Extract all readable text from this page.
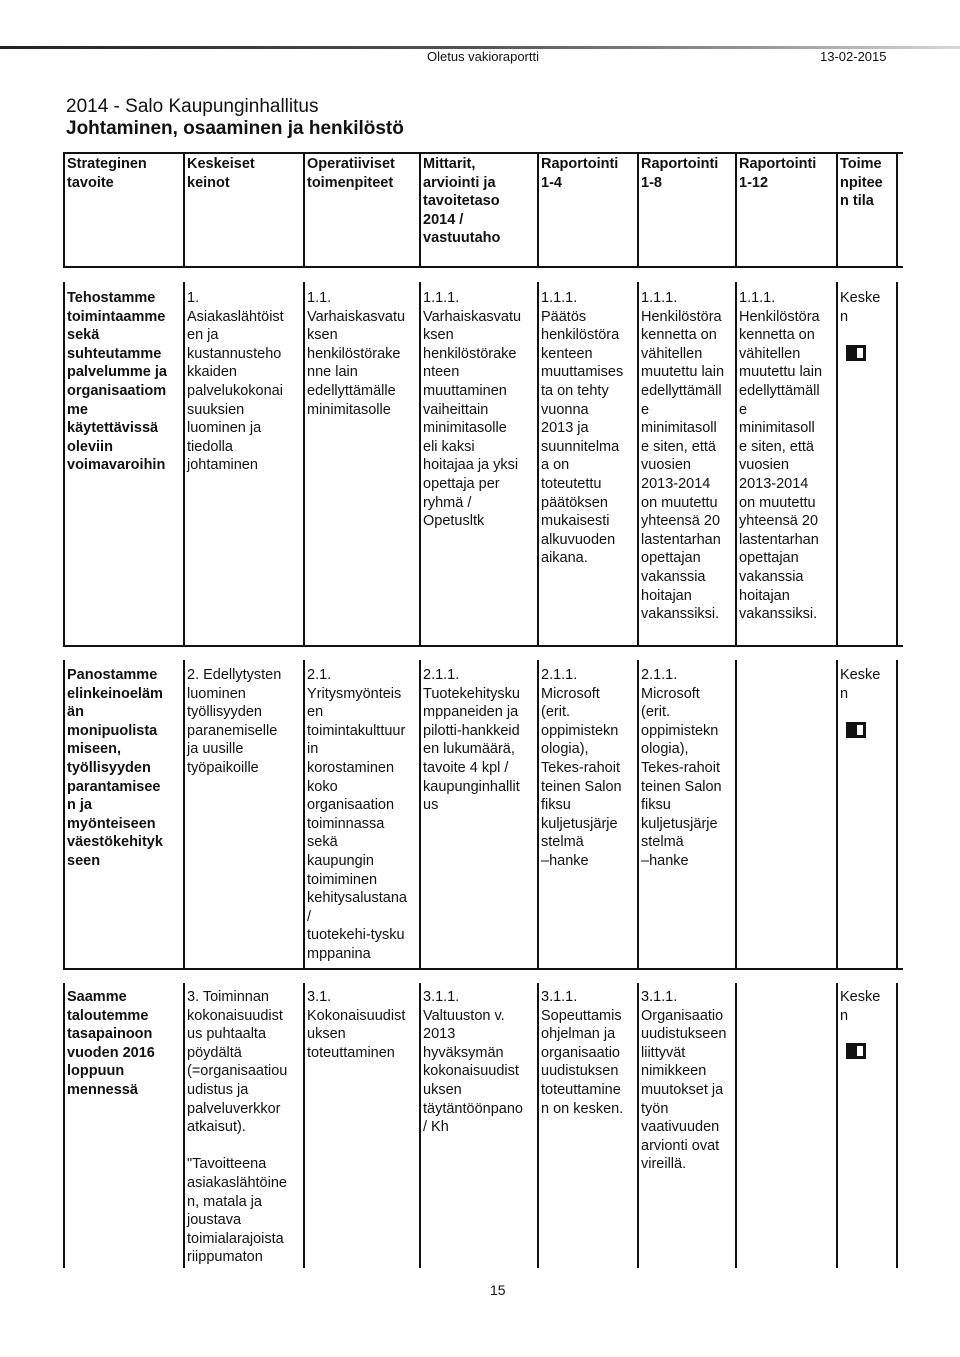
Oletus vakioraportti	13-02-2015
2014 - Salo Kaupunginhallitus
Johtaminen, osaaminen ja henkilöstö
Strateginen
tavoite
Keskeiset
keinot
Operatiiviset
toimenpiteet
Mittarit,
arviointi ja
tavoitetaso
2014 /
vastuutaho
Raportointi
1-4
Raportointi
1-8
Raportointi
1-12
Toime
npitee
n tila
Tehostamme
toimintaamme
sekä
suhteutamme
palvelumme ja
organisaatiom
me
käytettävissä
oleviin
voimavaroihin
1.
Asiakaslähtöist
en ja
kustannusteho
kkaiden
palvelukokonai
suuksien
luominen ja
tiedolla
johtaminen
1.1.
Varhaiskasvatu
ksen
henkilöstörake
nne lain
edellyttämälle
minimitasolle
1.1.1.
Varhaiskasvatu
ksen
henkilöstörake
nteen
muuttaminen
vaiheittain
minimitasolle
eli kaksi
hoitajaa ja yksi
opettaja per
ryhmä /
Opetusltk
1.1.1.
Päätös
henkilöstöra
kenteen
muuttamises
ta on tehty
vuonna
2013 ja
suunnitelma
a on
toteutettu
päätöksen
mukaisesti
alkuvuoden
aikana.
1.1.1.
Henkilöstöra
kennetta on
vähitellen
muutettu lain
edellyttämäll
e
minimitasoll
e siten, että
vuosien
2013-2014
on muutettu
yhteensä 20
lastentarhan
opettajan
vakanssia
hoitajan
vakanssiksi.
1.1.1.
Henkilöstöra
kennetta on
vähitellen
muutettu lain
edellyttämäll
e
minimitasoll
e siten, että
vuosien
2013-2014
on muutettu
yhteensä 20
lastentarhan
opettajan
vakanssia
hoitajan
vakanssiksi.
Keske
n
Panostamme
elinkeinoeläm
än
monipuolista
miseen,
työllisyyden
parantamisee
n ja
myönteiseen
väestökehityk
seen
2. Edellytysten
luominen
työllisyyden
paranemiselle
ja uusille
työpaikoille
2.1.
Yritysmyönteis
en
toimintakulttuur
in
korostaminen
koko
organisaation
toiminnassa
sekä
kaupungin
toimiminen
kehitysalustana
/
tuotekehi-tysku
mppanina
2.1.1.
Tuotekehitysku
mppaneiden ja
pilotti-hankkeid
en lukumäärä,
tavoite 4 kpl /
kaupunginhallit
us
2.1.1.
Microsoft
(erit.
oppimistekn
ologia),
Tekes-rahoit
teinen Salon
fiksu
kuljetusjärje
stelmä
–hanke
2.1.1.
Microsoft
(erit.
oppimistekn
ologia),
Tekes-rahoit
teinen Salon
fiksu
kuljetusjärje
stelmä
–hanke
Keske
n
Saamme
taloutemme
tasapainoon
vuoden 2016
loppuun
mennessä
3. Toiminnan
kokonaisuudist
us puhtaalta
pöydältä
(=organisaatiou
udistus ja
palveluverkkor
atkaisut).

"Tavoitteena
asiakaslähtöine
n, matala ja
joustava
toimialarajoista
riippumaton
3.1.
Kokonaisuudist
uksen
toteuttaminen
3.1.1.
Valtuuston v.
2013
hyväksymän
kokonaisuudist
uksen
täytäntöönpano
/ Kh
3.1.1.
Sopeuttamis
ohjelman ja
organisaatio
uudistuksen
toteuttamine
n on kesken.
3.1.1.
Organisaatio
uudistukseen
liittyvät
nimikkeen
muutokset ja
työn
vaativuuden
arvionti ovat
vireillä.
Keske
n
15
